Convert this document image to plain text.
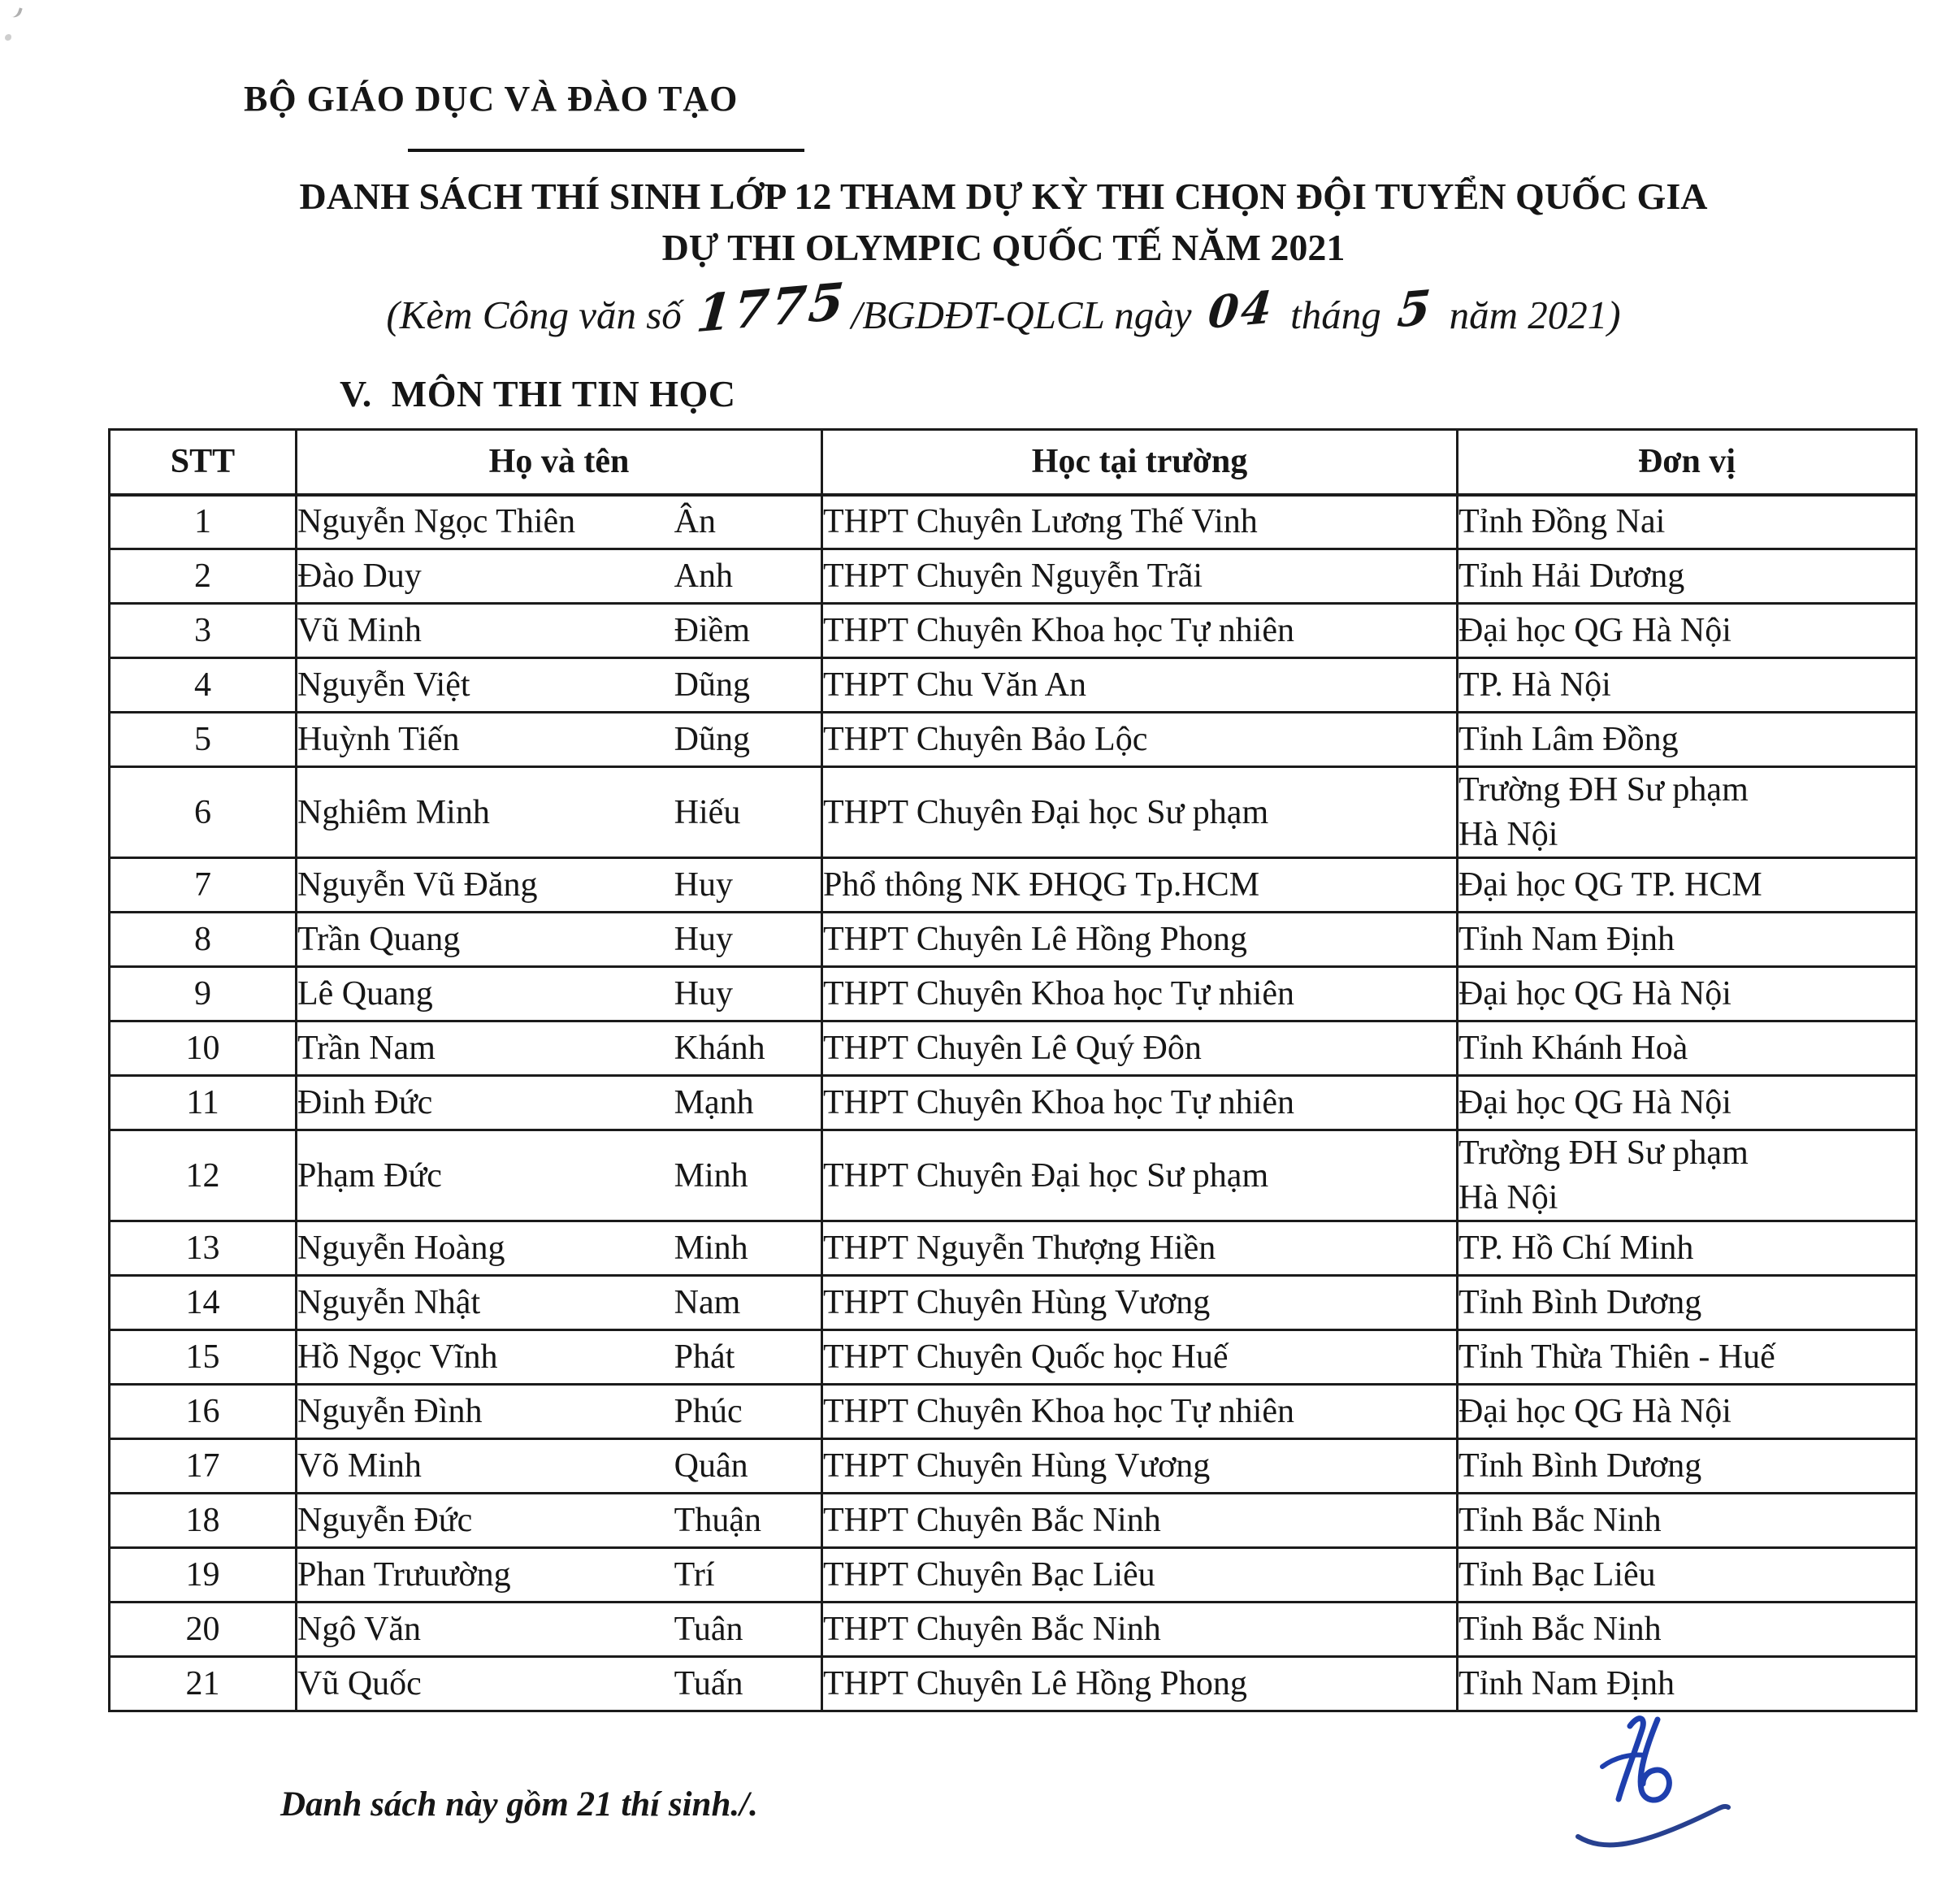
BỘ GIÁO DỤC VÀ ĐÀO TẠO
DANH SÁCH THÍ SINH LỚP 12 THAM DỰ KỲ THI CHỌN ĐỘI TUYỂN QUỐC GIA
DỰ THI OLYMPIC QUỐC TẾ NĂM 2021
(Kèm Công văn số 1775/BGDĐT-QLCL ngày 04 tháng 5 năm 2021)
V.  MÔN THI TIN HỌC
STT	Họ và tên	Học tại trường	Đơn vị
1	Nguyễn Ngọc Thiên Ân	THPT Chuyên Lương Thế Vinh	Tỉnh Đồng Nai
2	Đào Duy Anh	THPT Chuyên Nguyễn Trãi	Tỉnh Hải Dương
3	Vũ Minh Điềm	THPT Chuyên Khoa học Tự nhiên	Đại học QG Hà Nội
4	Nguyễn Việt Dũng	THPT Chu Văn An	TP. Hà Nội
5	Huỳnh Tiến Dũng	THPT Chuyên Bảo Lộc	Tỉnh Lâm Đồng
6	Nghiêm Minh Hiếu	THPT Chuyên Đại học Sư phạm	Trường ĐH Sư phạm
Hà Nội
7	Nguyễn Vũ Đăng Huy	Phổ thông NK ĐHQG Tp.HCM	Đại học QG TP. HCM
8	Trần Quang Huy	THPT Chuyên Lê Hồng Phong	Tỉnh Nam Định
9	Lê Quang Huy	THPT Chuyên Khoa học Tự nhiên	Đại học QG Hà Nội
10	Trần Nam Khánh	THPT Chuyên Lê Quý Đôn	Tỉnh Khánh Hoà
11	Đinh Đức Mạnh	THPT Chuyên Khoa học Tự nhiên	Đại học QG Hà Nội
12	Phạm Đức Minh	THPT Chuyên Đại học Sư phạm	Trường ĐH Sư phạm
Hà Nội
13	Nguyễn Hoàng Minh	THPT Nguyễn Thượng Hiền	TP. Hồ Chí Minh
14	Nguyễn Nhật Nam	THPT Chuyên Hùng Vương	Tỉnh Bình Dương
15	Hồ Ngọc Vĩnh Phát	THPT Chuyên Quốc học Huế	Tỉnh Thừa Thiên - Huế
16	Nguyễn Đình Phúc	THPT Chuyên Khoa học Tự nhiên	Đại học QG Hà Nội
17	Võ Minh Quân	THPT Chuyên Hùng Vương	Tỉnh Bình Dương
18	Nguyễn Đức Thuận	THPT Chuyên Bắc Ninh	Tỉnh Bắc Ninh
19	Phan Trưuường Trí	THPT Chuyên Bạc Liêu	Tỉnh Bạc Liêu
20	Ngô Văn Tuân	THPT Chuyên Bắc Ninh	Tỉnh Bắc Ninh
21	Vũ Quốc Tuấn	THPT Chuyên Lê Hồng Phong	Tỉnh Nam Định
Danh sách này gồm 21 thí sinh./.
